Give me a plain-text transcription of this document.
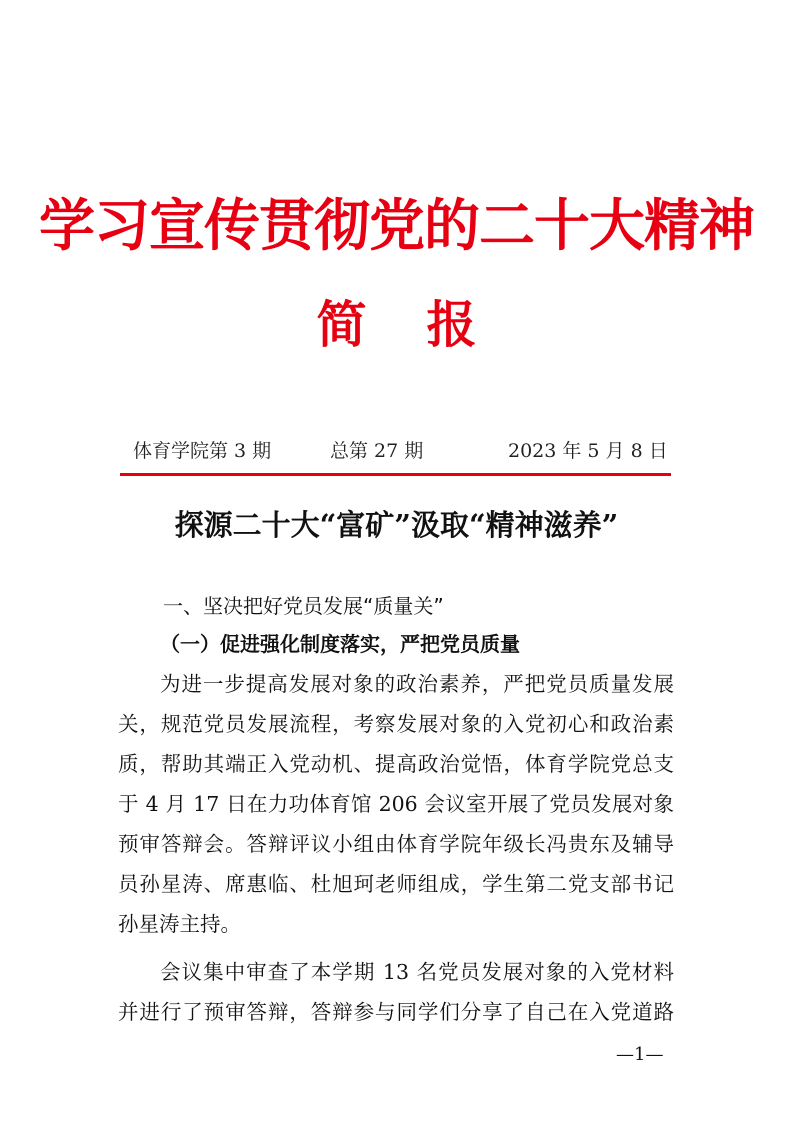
学习宣传贯彻党的二十大精神
简报
体育学院第 3 期	总第 27 期	2023 年 5 月 8 日
探源二十大“富矿”汲取“精神滋养”
一、坚决把好党员发展“质量关”
（一）促进强化制度落实，严把党员质量
为进一步提高发展对象的政治素养，严把党员质量发展
关，规范党员发展流程，考察发展对象的入党初心和政治素
质，帮助其端正入党动机、提高政治觉悟，体育学院党总支
于 4 月 17 日在力功体育馆 206 会议室开展了党员发展对象
预审答辩会。答辩评议小组由体育学院年级长冯贵东及辅导
员孙星涛、席惠临、杜旭珂老师组成，学生第二党支部书记
孙星涛主持。
会议集中审查了本学期 13 名党员发展对象的入党材料
并进行了预审答辩，答辩参与同学们分享了自己在入党道路
—1—
